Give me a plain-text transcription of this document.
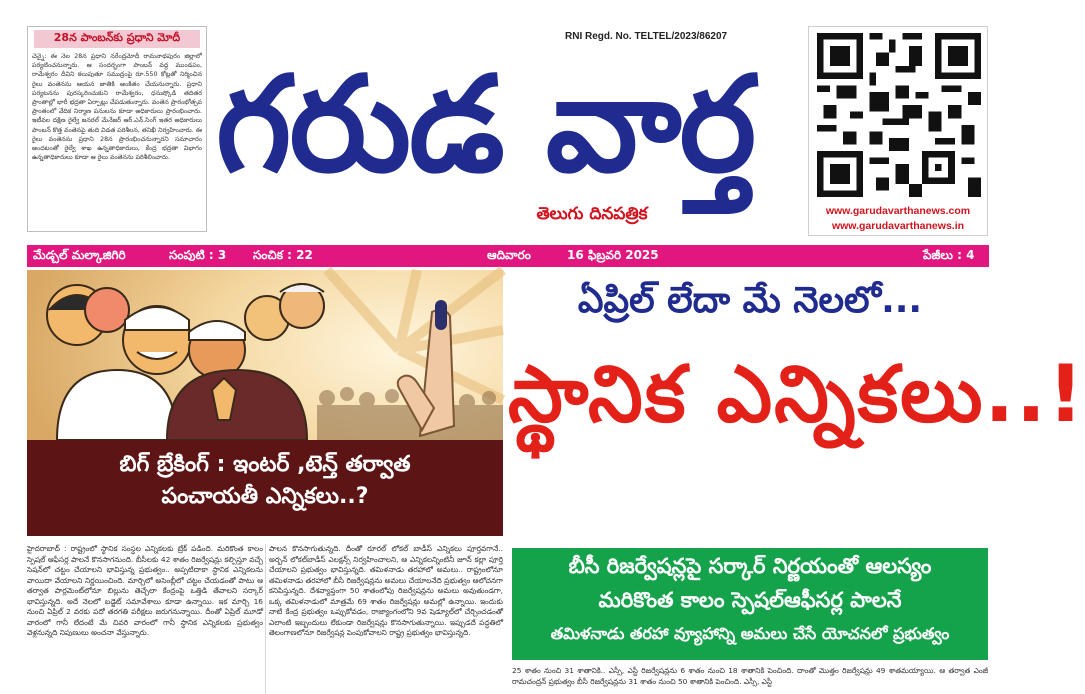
28న పాంబన్‌కు ప్రధాని మోదీ
చెన్నై: ఈ నెల 28న ప్రధాని నరేంద్రమోదీ రామనాథపురం జిల్లాలో పర్యటించనున్నారు. ఆ సందర్భంగా పాంబన్ వద్ద ముండపం, రామేశ్వరం దీవిని కలుపుతూ సముద్రంపై రూ.550 కోట్లతో నిర్మించిన రైలు వంతెనను ఆయన జాతికి అంకితం చేయనున్నారు. ప్రధాని పర్యటనను పురస్కరించుకుని రామేశ్వరం, ధనుష్కోడి తదితర ప్రాంతాల్లో భారీ భద్రతా ఏర్పాట్లు చేపడుతున్నారు. వంతెన ప్రారంభోత్సవ ప్రాంతంలో వేదిక నిర్మాణ పనులను కూడా అధికారులు ప్రారంభించారు. ఇటీవల దక్షిణ రైల్వే జనరల్ మేనేజర్ ఆర్.ఎన్.సింగ్ ఇతర అధికారులు పాంబన్ కొత్త వంతెనపై తుది విడత పరిశీలన, తనిఖీ నిర్వహించారు. ఈ రైలు వంతెనను ప్రధాని 28న ప్రారంభించనున్నారని సమాచారం అందటంతో రైల్వే శాఖ ఉన్నతాధికారులు, కేంద్ర భద్రతా విభాగం ఉన్నతాధికారులు కూడా ఆ రైలు వంతెనను పరిశీలించారు.
RNI Regd. No. TELTEL/2023/86207
గరుడ వార్త
తెలుగు దినపత్రిక	www.garudavarthanews.com
www.garudavarthanews.in
మేడ్చల్ మల్కాజిగిరి	సంపుటి : 3 సంచిక : 22	ఆదివారం	16 ఫిబ్రవరి 2025	పేజీలు : 4
బిగ్ బ్రేకింగ్ : ఇంటర్ ,టెన్త్ తర్వాత
పంచాయతీ ఎన్నికలు..?
ఏప్రిల్ లేదా మే నెలలో...
స్థానిక ఎన్నికలు..!
బీసీ రిజర్వేషన్లపై సర్కార్ నిర్ణయంతో ఆలస్యం
మరికొంత కాలం స్పెషల్‌ఆఫీసర్ల పాలనే
తమిళనాడు తరహా వ్యూహాన్ని అమలు చేసే యోచనలో ప్రభుత్వం
హైదరాబాద్ : రాష్ట్రంలో స్థానిక సంస్థల ఎన్నికలకు బ్రేక్ పడింది. మరికొంత కాలం స్పెషల్ ఆఫీసర్ల పాలనే కొనసాగనుంది. బీసీలకు 42 శాతం రిజర్వేషన్లు కల్పిస్తూ వచ్చే సెషన్‌లో చట్టం చేయాలని భావిస్తున్న ప్రభుత్వం.. అప్పటిదాకా స్థానిక ఎన్నికలను వాయిదా వేయాలని నిర్ణయించింది. మార్చిలో అసెంబ్లీలో చట్టం చేయడంతో పాటు ఆ తర్వాత పార్లమెంట్‌లోనూ బిల్లును తెచ్చేలా కేంద్రంపై ఒత్తిడి తేవాలని సర్కార్ భావిస్తున్నది. అదే నెలలో బడ్జెట్ సమావేశాలు కూడా ఉన్నాయి. ఇక మార్చి 16 నుంచి ఏప్రిల్ 2 వరకు పదో తరగతి పరీక్షలు జరుగనున్నాయి. దీంతో ఏప్రిల్ మూడో వారంలో గానీ లేదంటే మే చివరి వారంలో గానీ స్థానిక ఎన్నికలకు ప్రభుత్వం వెళ్లనున్నది నిపుణులు అంచనా వేస్తున్నారు.
పాలన కొనసాగుతున్నది. దీంతో రూరల్ లోకల్ బాడీస్ ఎన్నికలు పూర్తవగానే.. అర్బన్ లోకల్‌బాడీస్ ఎలక్షన్స్ నిర్వహించాలని, ఆ ఎన్నికలన్నింటినీ జూన్ కల్లా పూర్తి చేయాలని ప్రభుత్వం భావిస్తున్నది. తమిళనాడు తరహాలో అమలు.. రాష్ట్రంలోనూ తమిళనాడు తరహాలో బీసీ రిజర్వేషన్లను అమలు చేయాలనేది ప్రభుత్వం ఆలోచనగా కనిపిస్తున్నది. దేశవ్యాప్తంగా 50 శాతంలోపు రిజర్వేషన్లను అమలు అవుతుండగా, ఒక్క తమిళనాడులో మాత్రమే 69 శాతం రిజర్వేషన్లు అమల్లో ఉన్నాయి. ఇందుకు నాటి కేంద్ర ప్రభుత్వం ఒప్పుకోవడం, రాజ్యాంగంలోని 9వ షెడ్యూల్‌లో చేర్చించడంతో ఎలాంటి ఇబ్బందులు లేకుండా రిజర్వేషన్లు కొనసాగుతున్నాయి. ఇప్పుడదే పద్ధతిలో తెలంగాణలోనూ రిజర్వేషన్ల పెంపుకోవాలని రాష్ట్ర ప్రభుత్వం భావిస్తున్నది.
25 శాతం నుంచి 31 శాతానికి.. ఎస్సీ, ఎస్టీ రిజర్వేషన్లను 6 శాతం నుంచి 18 శాతానికి పెంచింది. దాంతో మొత్తం రిజర్వేషన్లు 49 శాతమయ్యాయి. ఆ తర్వాత ఎంజీ రామచంద్రన్ ప్రభుత్వం బీసీ రిజర్వేషన్లను 31 శాతం నుంచి 50 శాతానికి పెంచింది. ఎస్సీ, ఎస్టీ
